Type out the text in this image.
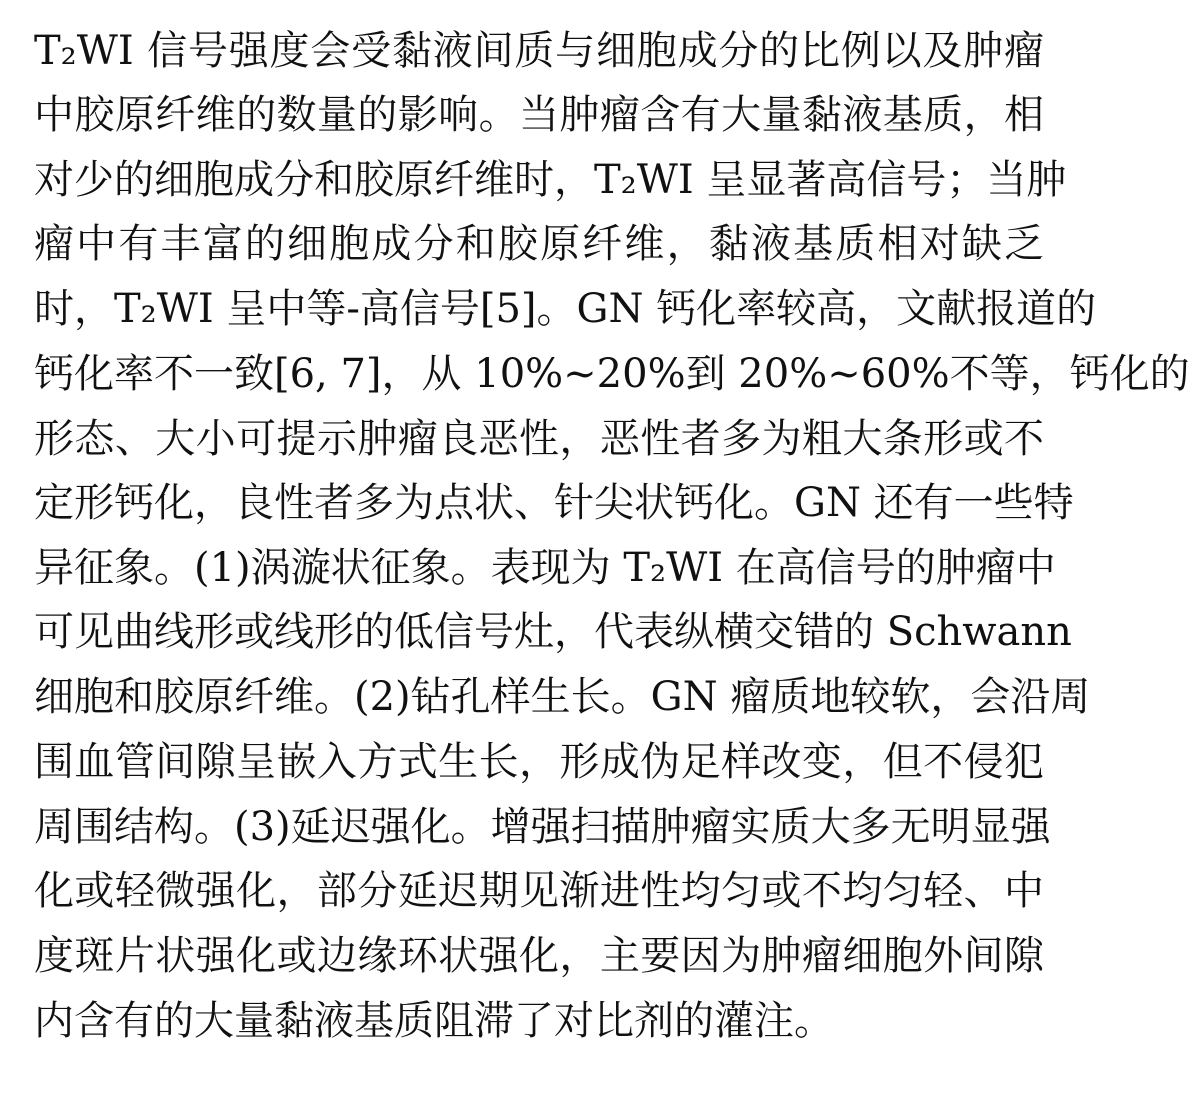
T₂WI 信号强度会受黏液间质与细胞成分的比例以及肿瘤
中胶原纤维的数量的影响。当肿瘤含有大量黏液基质，相
对少的细胞成分和胶原纤维时，T₂WI 呈显著高信号；当肿
瘤中有丰富的细胞成分和胶原纤维，黏液基质相对缺乏
时，T₂WI 呈中等-高信号[5]。GN 钙化率较高，文献报道的
钙化率不一致[6, 7]，从 10%~20%到 20%~60%不等，钙化的
形态、大小可提示肿瘤良恶性，恶性者多为粗大条形或不
定形钙化，良性者多为点状、针尖状钙化。GN 还有一些特
异征象。(1)涡漩状征象。表现为 T₂WI 在高信号的肿瘤中
可见曲线形或线形的低信号灶，代表纵横交错的 Schwann
细胞和胶原纤维。(2)钻孔样生长。GN 瘤质地较软，会沿周
围血管间隙呈嵌入方式生长，形成伪足样改变，但不侵犯
周围结构。(3)延迟强化。增强扫描肿瘤实质大多无明显强
化或轻微强化，部分延迟期见渐进性均匀或不均匀轻、中
度斑片状强化或边缘环状强化，主要因为肿瘤细胞外间隙
内含有的大量黏液基质阻滞了对比剂的灌注。
